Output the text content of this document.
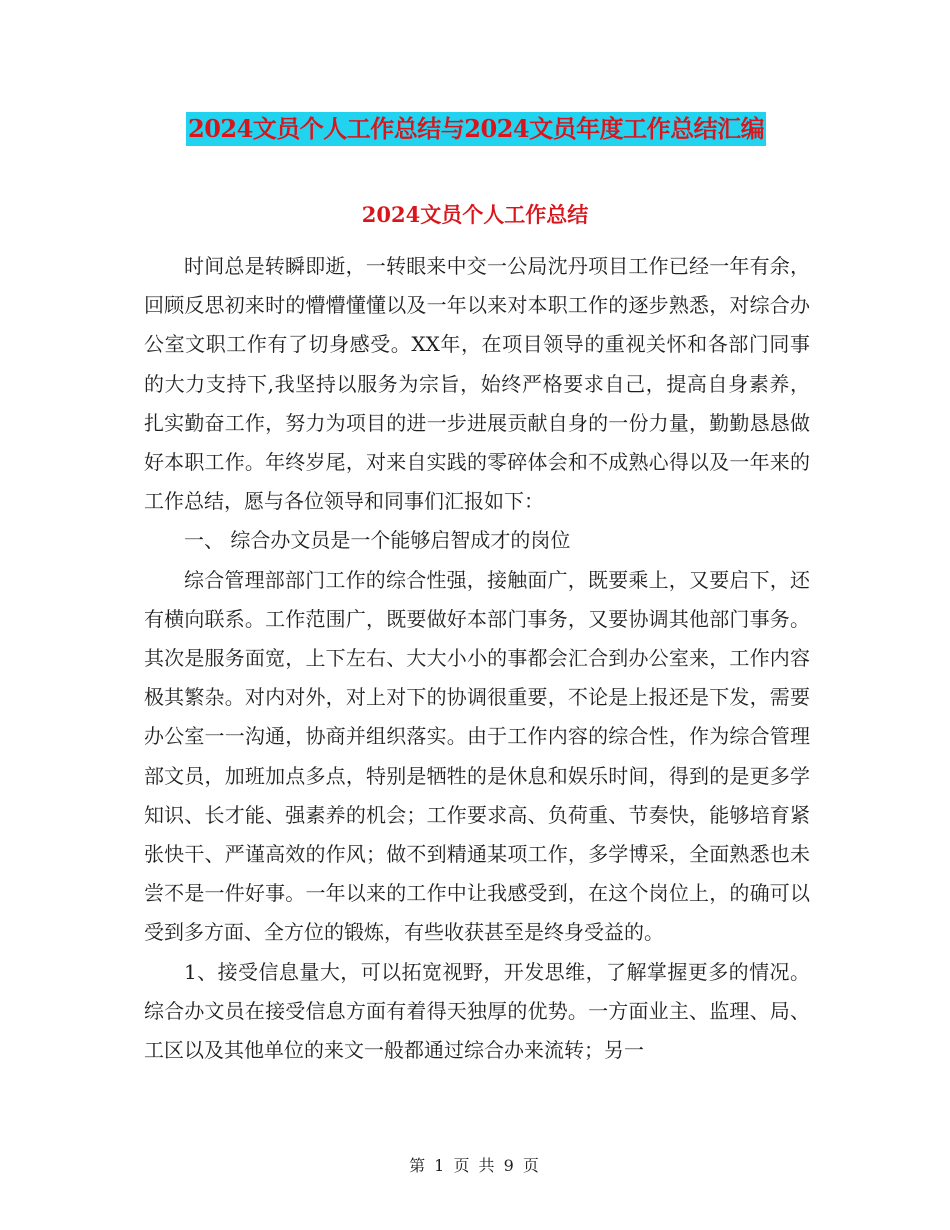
2024文员个人工作总结与2024文员年度工作总结汇编
2024文员个人工作总结

时间总是转瞬即逝，一转眼来中交一公局沈丹项目工作已经一年有余，回顾反思初来时的懵懵懂懂以及一年以来对本职工作的逐步熟悉，对综合办公室文职工作有了切身感受。XX年，在项目领导的重视关怀和各部门同事的大力支持下,我坚持以服务为宗旨，始终严格要求自己，提高自身素养，扎实勤奋工作，努力为项目的进一步进展贡献自身的一份力量，勤勤恳恳做好本职工作。年终岁尾，对来自实践的零碎体会和不成熟心得以及一年来的工作总结，愿与各位领导和同事们汇报如下：

一、 综合办文员是一个能够启智成才的岗位

综合管理部部门工作的综合性强，接触面广，既要乘上，又要启下，还有横向联系。工作范围广，既要做好本部门事务，又要协调其他部门事务。其次是服务面宽，上下左右、大大小小的事都会汇合到办公室来，工作内容极其繁杂。对内对外，对上对下的协调很重要，不论是上报还是下发，需要办公室一一沟通，协商并组织落实。由于工作内容的综合性，作为综合管理部文员，加班加点多点，特别是牺牲的是休息和娱乐时间，得到的是更多学知识、长才能、强素养的机会；工作要求高、负荷重、节奏快，能够培育紧张快干、严谨高效的作风；做不到精通某项工作，多学博采，全面熟悉也未尝不是一件好事。一年以来的工作中让我感受到，在这个岗位上，的确可以受到多方面、全方位的锻炼，有些收获甚至是终身受益的。

1、接受信息量大，可以拓宽视野，开发思维，了解掌握更多的情况。综合办文员在接受信息方面有着得天独厚的优势。一方面业主、监理、局、工区以及其他单位的来文一般都通过综合办来流转；另一

第 1 页 共 9 页
